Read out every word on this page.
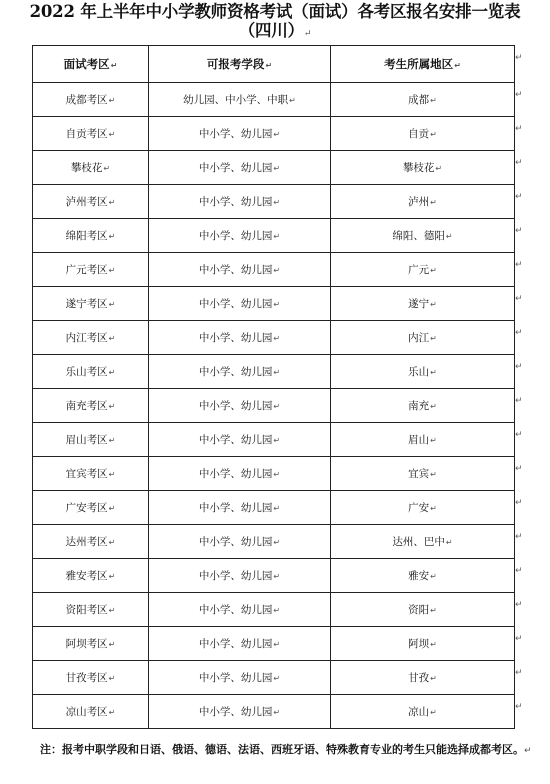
2022 年上半年中小学教师资格考试（面试）各考区报名安排一览表
（四川）↵
面试考区↵	可报考学段↵	考生所属地区↵
成都考区↵	幼儿园、中小学、中职↵	成都↵
自贡考区↵	中小学、幼儿园↵	自贡↵
攀枝花↵	中小学、幼儿园↵	攀枝花↵
泸州考区↵	中小学、幼儿园↵	泸州↵
绵阳考区↵	中小学、幼儿园↵	绵阳、德阳↵
广元考区↵	中小学、幼儿园↵	广元↵
遂宁考区↵	中小学、幼儿园↵	遂宁↵
内江考区↵	中小学、幼儿园↵	内江↵
乐山考区↵	中小学、幼儿园↵	乐山↵
南充考区↵	中小学、幼儿园↵	南充↵
眉山考区↵	中小学、幼儿园↵	眉山↵
宜宾考区↵	中小学、幼儿园↵	宜宾↵
广安考区↵	中小学、幼儿园↵	广安↵
达州考区↵	中小学、幼儿园↵	达州、巴中↵
雅安考区↵	中小学、幼儿园↵	雅安↵
资阳考区↵	中小学、幼儿园↵	资阳↵
阿坝考区↵	中小学、幼儿园↵	阿坝↵
甘孜考区↵	中小学、幼儿园↵	甘孜↵
凉山考区↵	中小学、幼儿园↵	凉山↵
↵
↵
↵
↵
↵
↵
↵
↵
↵
↵
↵
↵
↵
↵
↵
↵
↵
↵
↵
↵
注：报考中职学段和日语、俄语、德语、法语、西班牙语、特殊教育专业的考生只能选择成都考区。↵
